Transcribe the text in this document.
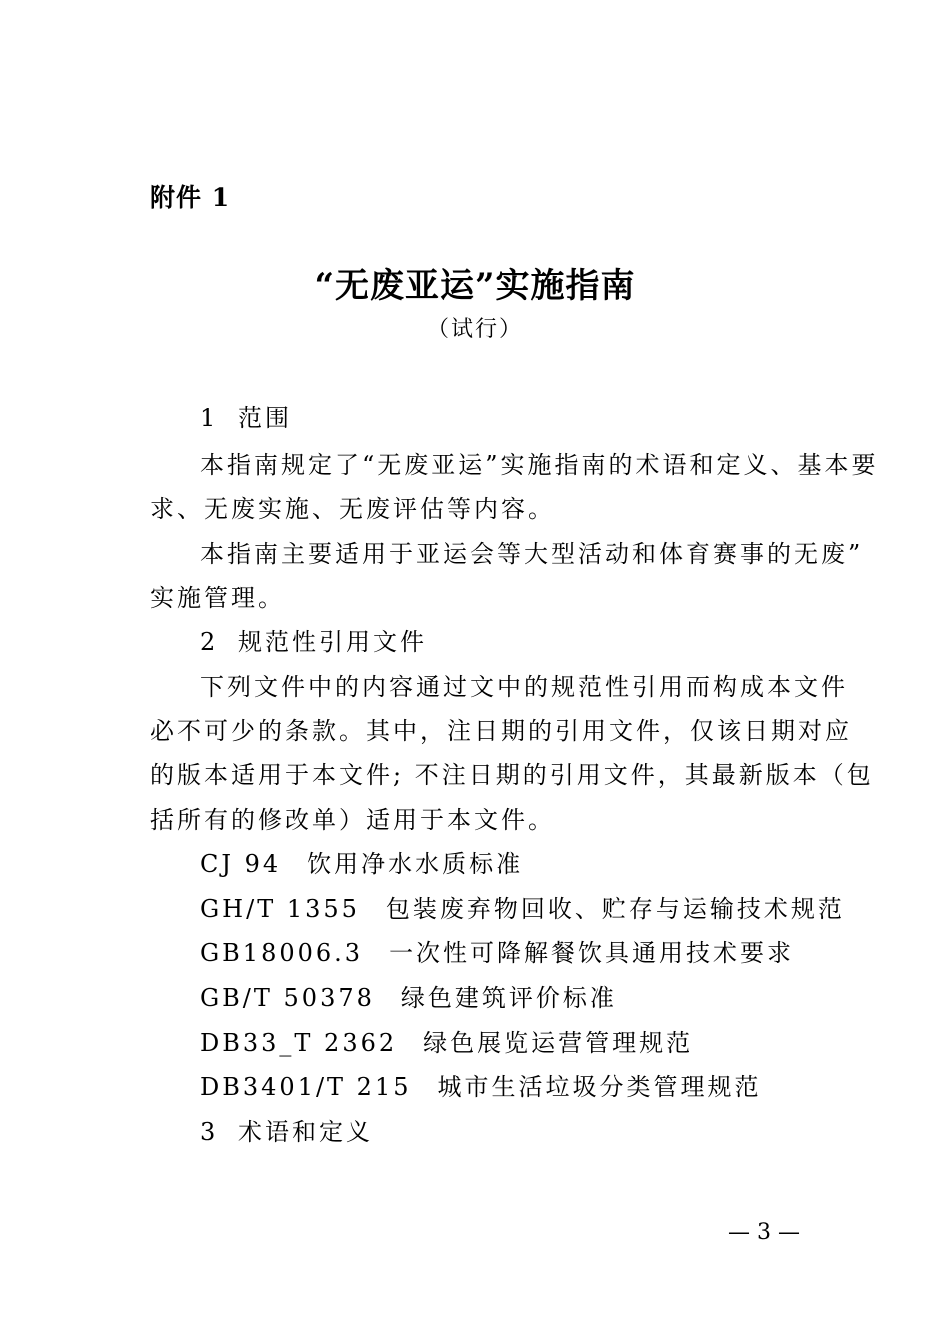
附件 1
“无废亚运”实施指南
（试行）
1 范围
本指南规定了“无废亚运”实施指南的术语和定义、基本要
求、无废实施、无废评估等内容。
本指南主要适用于亚运会等大型活动和体育赛事的无废”
实施管理。
2 规范性引用文件
下列文件中的内容通过文中的规范性引用而构成本文件
必不可少的条款。其中，注日期的引用文件，仅该日期对应
的版本适用于本文件; 不注日期的引用文件，其最新版本（包
括所有的修改单）适用于本文件。
CJ 94 饮用净水水质标准
GH/T 1355 包装废弃物回收、贮存与运输技术规范
GB18006.3 一次性可降解餐饮具通用技术要求
GB/T 50378 绿色建筑评价标准
DB33_T 2362 绿色展览运营管理规范
DB3401/T 215 城市生活垃圾分类管理规范
3 术语和定义
— 3 —
